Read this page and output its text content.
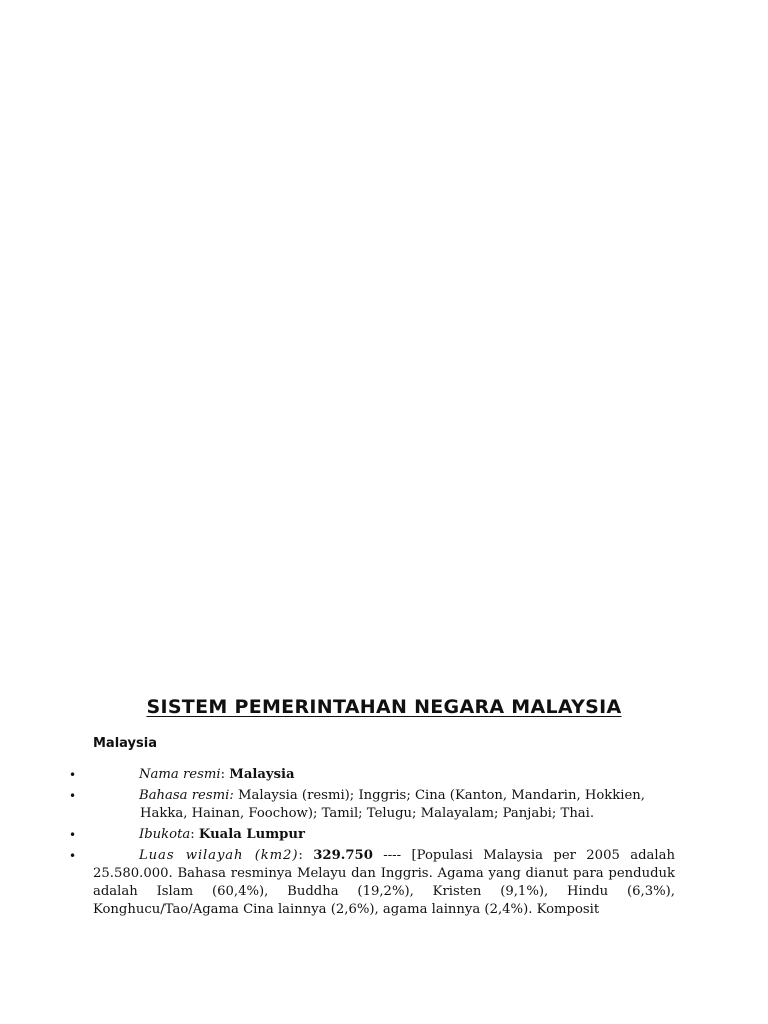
SISTEM PEMERINTAHAN NEGARA MALAYSIA

Malaysia

•	Nama resmi: Malaysia
•	Bahasa resmi: Malaysia (resmi); Inggris; Cina (Kanton, Mandarin, Hokkien,
Hakka, Hainan, Foochow); Tamil; Telugu; Malayalam; Panjabi; Thai.
•	Ibukota: Kuala Lumpur
•	Luas wilayah (km2): 329.750 ---- [Populasi Malaysia per 2005 adalah 25.580.000. Bahasa resminya Melayu dan Inggris. Agama yang dianut para penduduk adalah Islam (60,4%), Buddha (19,2%), Kristen (9,1%), Hindu (6,3%), Konghucu/Tao/Agama Cina lainnya (2,6%), agama lainnya (2,4%). Komposit
